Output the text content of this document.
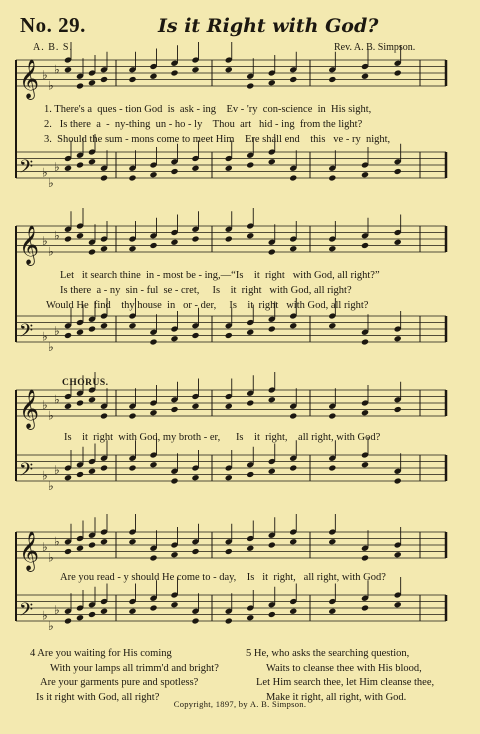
No. 29.	Is it Right with God?
A. B. S.	Rev. A. B. Simpson.
𝄞 ♭
♭
♭
𝄢 ♭
♭
♭
𝄞 ♭
♭
♭
𝄢 ♭
♭
♭
𝄞 ♭
♭
♭
𝄢 ♭
♭
♭
𝄞 ♭
♭
♭
𝄢 ♭
♭
♭
1. There's a  ques - tion God  is  ask - ing    Ev - 'ry  con-science  in  His sight,
2.   Is there  a  -  ny-thing  un - ho - ly    Thou  art   hid - ing  from the light?
3.  Should the sum - mons come to meet Him    Ere shall end    this   ve - ry  night,
Let   it search thine  in - most be - ing,—“Is    it  right   with God, all right?”
Is there  a - ny  sin - ful  se - cret,     Is    it  right   with God, all right?
Would He  find    thy house  in   or - der,     Is    it  right   with God, all right?
CHORUS.
Is    it  right  with God, my broth - er,      Is    it  right,    all right, with God?
Are you read - y should He come to - day,    Is   it  right,   all right, with God?
4 Are you waiting for His coming
With your lamps all trimm'd and bright?
Are your garments pure and spotless?
Is it right with God, all right?
5 He, who asks the searching question,
Waits to cleanse thee with His blood,
Let Him search thee, let Him cleanse thee,
Make it right, all right, with God.
Copyright, 1897, by A. B. Simpson.
